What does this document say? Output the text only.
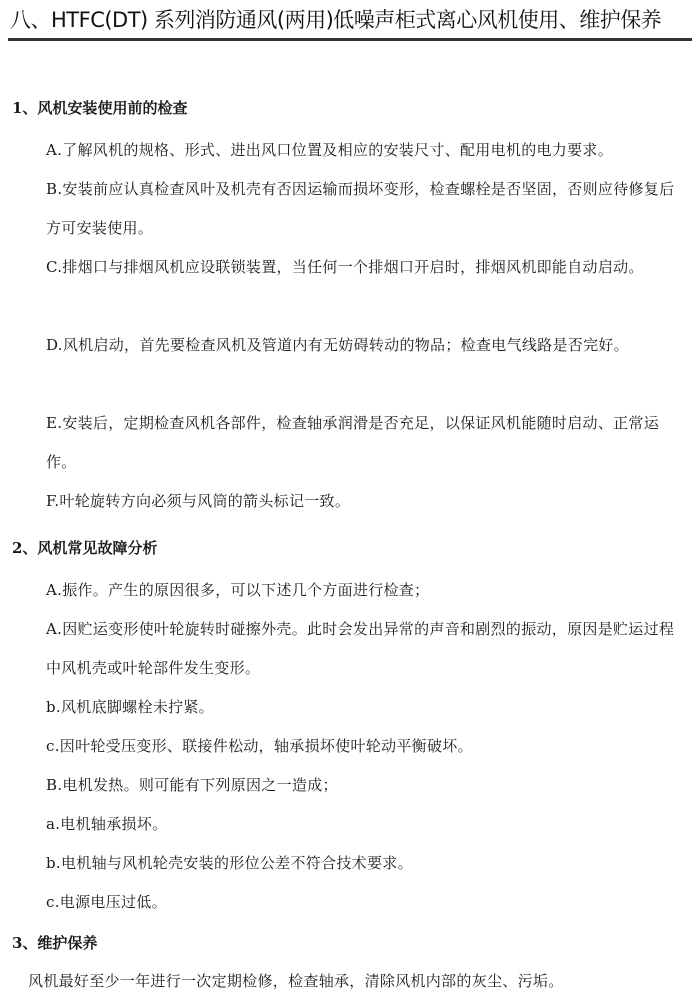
八、HTFC(DT) 系列消防通风(两用)低噪声柜式离心风机使用、维护保养
1、风机安装使用前的检查
A.了解风机的规格、形式、进出风口位置及相应的安装尺寸、配用电机的电力要求。
B.安装前应认真检查风叶及机壳有否因运输而损坏变形，检查螺栓是否坚固，否则应待修复后方可安装使用。
C.排烟口与排烟风机应设联锁装置，当任何一个排烟口开启时，排烟风机即能自动启动。
D.风机启动，首先要检查风机及管道内有无妨碍转动的物品；检查电气线路是否完好。
E.安装后，定期检查风机各部件，检查轴承润滑是否充足，以保证风机能随时启动、正常运作。
F.叶轮旋转方向必须与风筒的箭头标记一致。
2、风机常见故障分析
A.振作。产生的原因很多，可以下述几个方面进行检查；
A.因贮运变形使叶轮旋转时碰擦外壳。此时会发出异常的声音和剧烈的振动，原因是贮运过程中风机壳或叶轮部件发生变形。
b.风机底脚螺栓未拧紧。
c.因叶轮受压变形、联接件松动，轴承损坏使叶轮动平衡破坏。
B.电机发热。则可能有下列原因之一造成；
a.电机轴承损坏。
b.电机轴与风机轮壳安装的形位公差不符合技术要求。
c.电源电压过低。
3、维护保养
风机最好至少一年进行一次定期检修，检查轴承，清除风机内部的灰尘、污垢。
